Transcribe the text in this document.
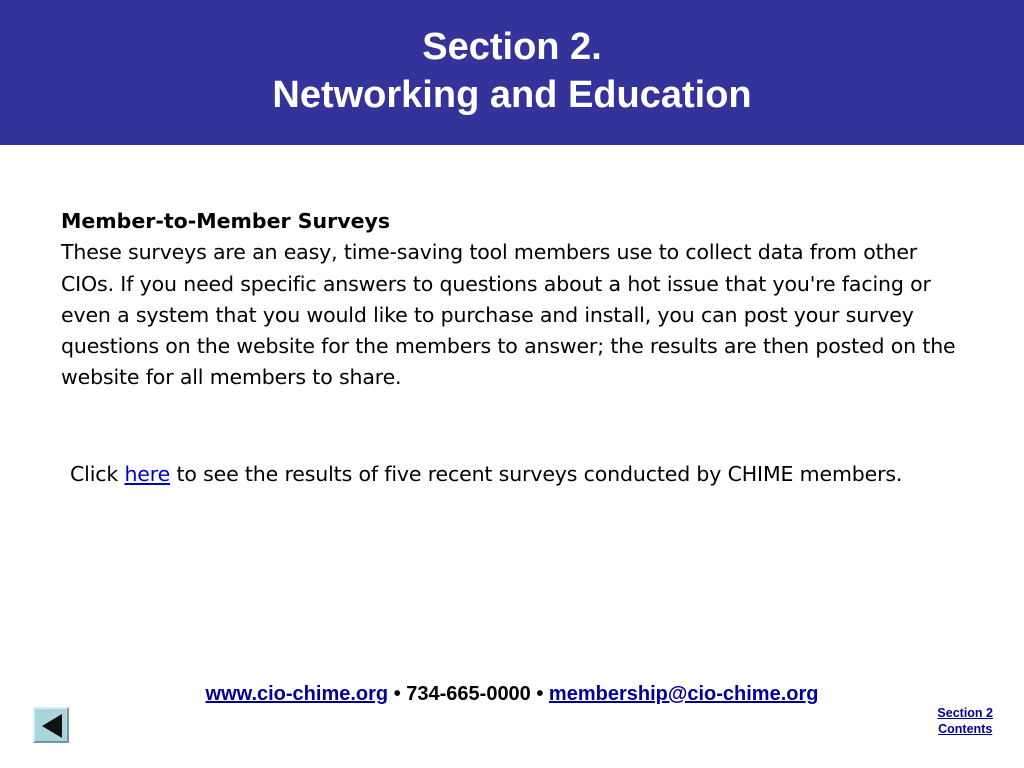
Section 2.
Networking and Education
Member-to-Member Surveys
These surveys are an easy, time-saving tool members use to collect data from other CIOs. If you need specific answers to questions about a hot issue that you're facing or even a system that you would like to purchase and install, you can post your survey questions on the website for the members to answer; the results are then posted on the website for all members to share.
Click here to see the results of five recent surveys conducted by CHIME members.
www.cio-chime.org • 734-665-0000 • membership@cio-chime.org
Section 2
Contents
